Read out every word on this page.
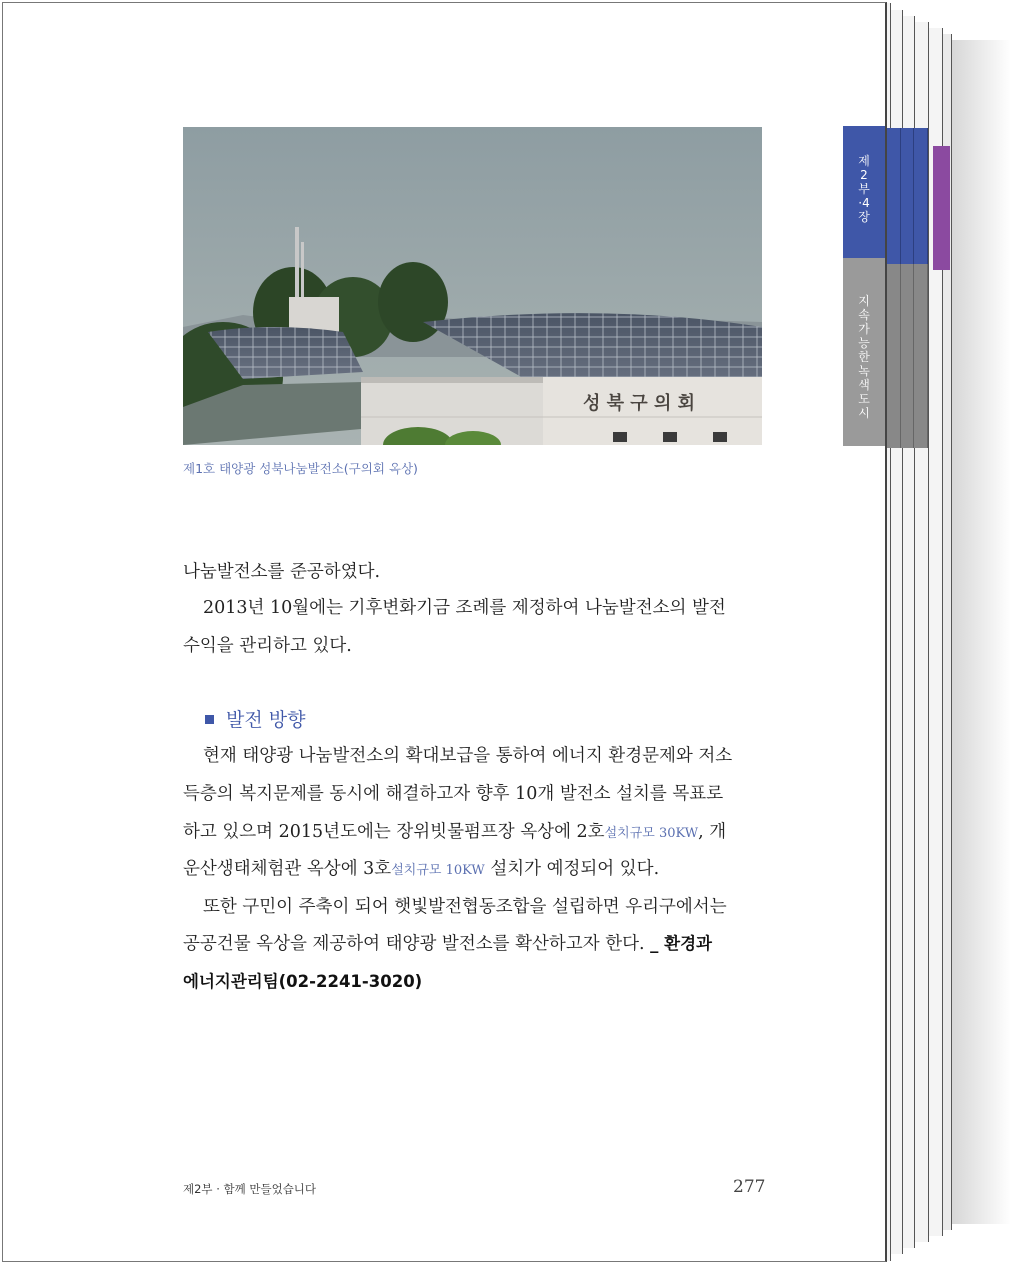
제2부·4장
지속가능한 녹색도시
성 북 구 의 회
제1호 태양광 성북나눔발전소(구의회 옥상)
나눔발전소를 준공하였다.
2013년 10월에는 기후변화기금 조례를 제정하여 나눔발전소의 발전
수익을 관리하고 있다.
발전 방향
현재 태양광 나눔발전소의 확대보급을 통하여 에너지 환경문제와 저소
득층의 복지문제를 동시에 해결하고자 향후 10개 발전소 설치를 목표로
하고 있으며 2015년도에는 장위빗물펌프장 옥상에 2호설치규모 30KW, 개
운산생태체험관 옥상에 3호설치규모 10KW 설치가 예정되어 있다.
또한 구민이 주축이 되어 햇빛발전협동조합을 설립하면 우리구에서는
공공건물 옥상을 제공하여 태양광 발전소를 확산하고자 한다. _ 환경과
에너지관리팀(02-2241-3020)
제2부 · 함께 만들었습니다	277
